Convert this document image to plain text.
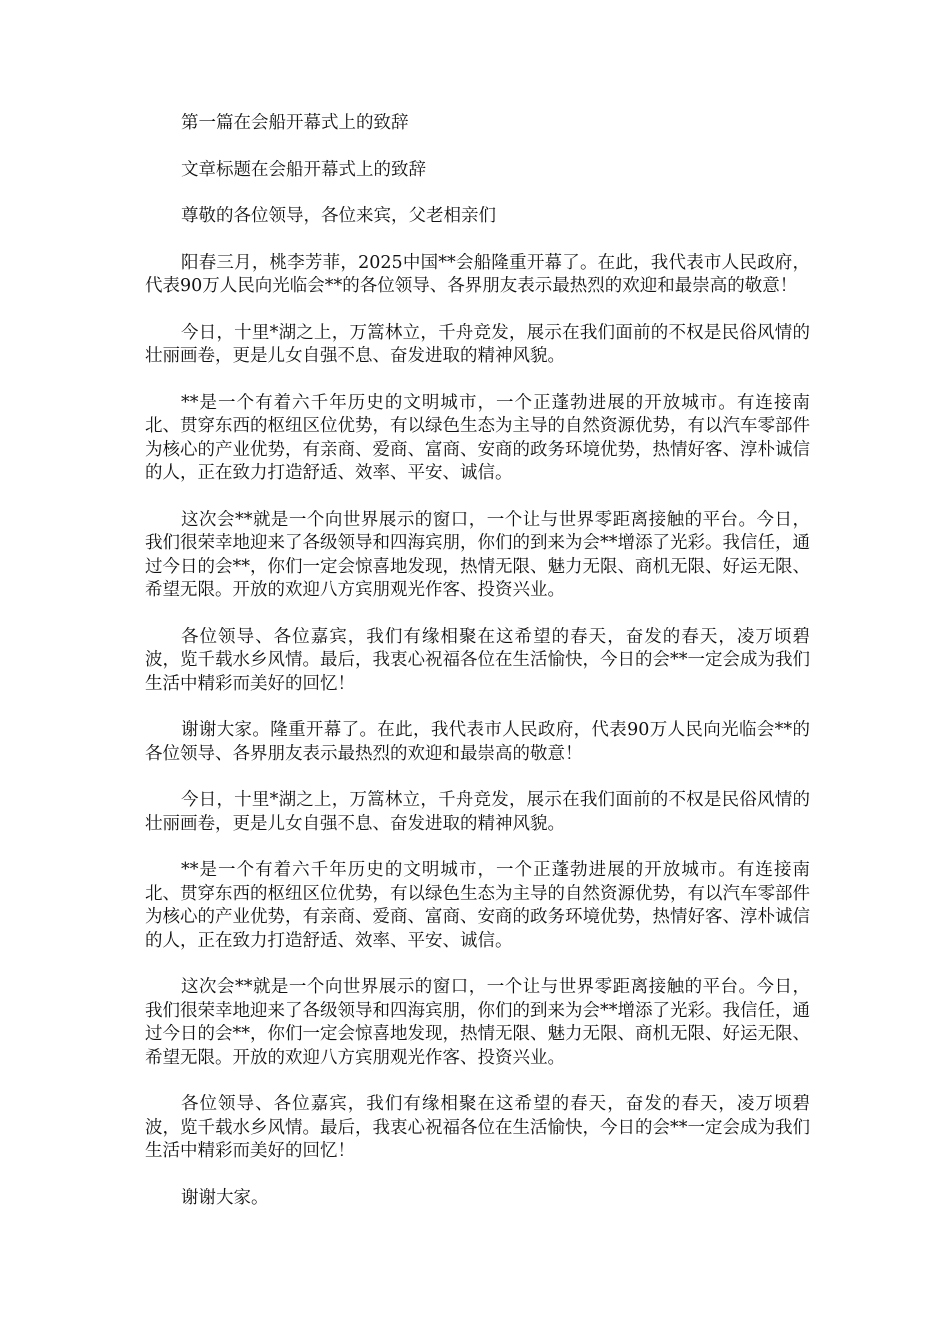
第一篇在会船开幕式上的致辞

文章标题在会船开幕式上的致辞

尊敬的各位领导，各位来宾，父老相亲们

阳春三月，桃李芳菲，2025中国**会船隆重开幕了。在此，我代表市人民政府，代表90万人民向光临会**的各位领导、各界朋友表示最热烈的欢迎和最崇高的敬意！

今日，十里*湖之上，万篙林立，千舟竞发，展示在我们面前的不权是民俗风情的壮丽画卷，更是儿女自强不息、奋发进取的精神风貌。

**是一个有着六千年历史的文明城市，一个正蓬勃进展的开放城市。有连接南北、贯穿东西的枢纽区位优势，有以绿色生态为主导的自然资源优势，有以汽车零部件为核心的产业优势，有亲商、爱商、富商、安商的政务环境优势，热情好客、淳朴诚信的人，正在致力打造舒适、效率、平安、诚信。

这次会**就是一个向世界展示的窗口，一个让与世界零距离接触的平台。今日，我们很荣幸地迎来了各级领导和四海宾朋，你们的到来为会**增添了光彩。我信任，通过今日的会**，你们一定会惊喜地发现，热情无限、魅力无限、商机无限、好运无限、希望无限。开放的欢迎八方宾朋观光作客、投资兴业。

各位领导、各位嘉宾，我们有缘相聚在这希望的春天，奋发的春天，凌万顷碧波，览千载水乡风情。最后，我衷心祝福各位在生活愉快，今日的会**一定会成为我们生活中精彩而美好的回忆！

谢谢大家。隆重开幕了。在此，我代表市人民政府，代表90万人民向光临会**的各位领导、各界朋友表示最热烈的欢迎和最崇高的敬意！

今日，十里*湖之上，万篙林立，千舟竞发，展示在我们面前的不权是民俗风情的壮丽画卷，更是儿女自强不息、奋发进取的精神风貌。

**是一个有着六千年历史的文明城市，一个正蓬勃进展的开放城市。有连接南北、贯穿东西的枢纽区位优势，有以绿色生态为主导的自然资源优势，有以汽车零部件为核心的产业优势，有亲商、爱商、富商、安商的政务环境优势，热情好客、淳朴诚信的人，正在致力打造舒适、效率、平安、诚信。

这次会**就是一个向世界展示的窗口，一个让与世界零距离接触的平台。今日，我们很荣幸地迎来了各级领导和四海宾朋，你们的到来为会**增添了光彩。我信任，通过今日的会**，你们一定会惊喜地发现，热情无限、魅力无限、商机无限、好运无限、希望无限。开放的欢迎八方宾朋观光作客、投资兴业。

各位领导、各位嘉宾，我们有缘相聚在这希望的春天，奋发的春天，凌万顷碧波，览千载水乡风情。最后，我衷心祝福各位在生活愉快，今日的会**一定会成为我们生活中精彩而美好的回忆！

谢谢大家。
